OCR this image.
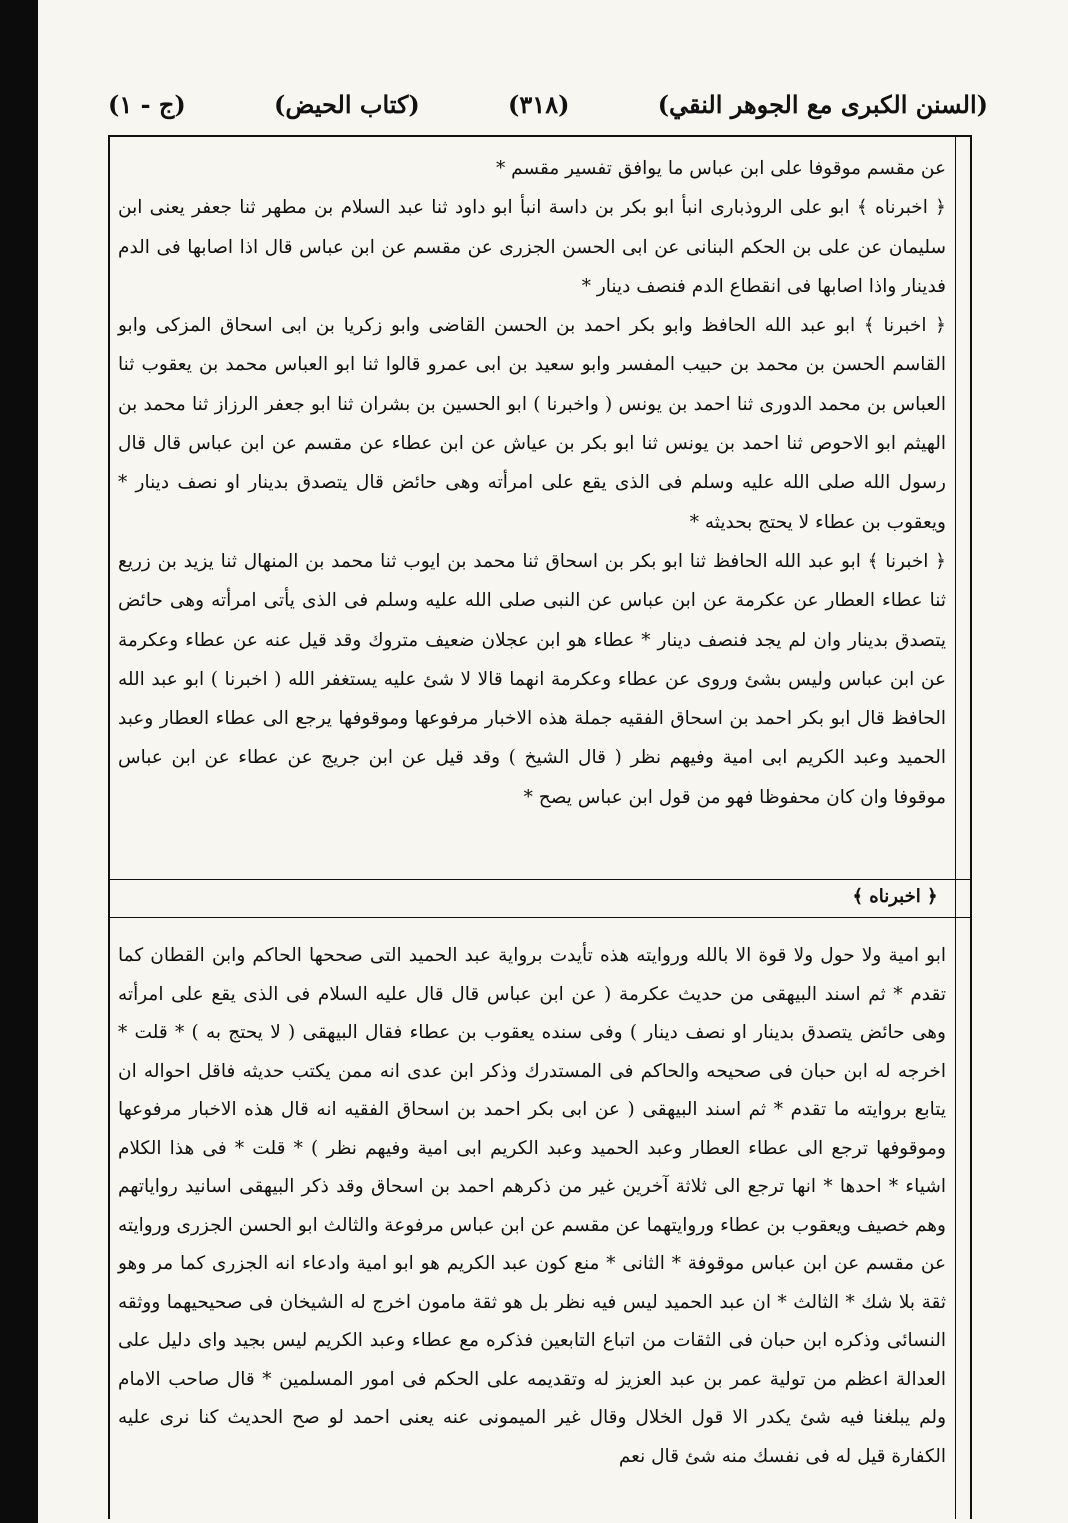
(السنن الكبرى مع الجوهر النقي)
(٣١٨)
(كتاب الحيض)
(ج - ١)

عن مقسم موقوفا على ابن عباس ما يوافق تفسير مقسم *

﴿ اخبرناه ﴾ ابو على الروذبارى انبأ ابو بكر بن داسة انبأ ابو داود ثنا عبد السلام بن مطهر ثنا جعفر يعنى ابن سليمان عن على بن الحكم البنانى عن ابى الحسن الجزرى عن مقسم عن ابن عباس قال اذا اصابها فى الدم فدينار واذا اصابها فى انقطاع الدم فنصف دينار *

﴿ اخبرنا ﴾ ابو عبد الله الحافظ وابو بكر احمد بن الحسن القاضى وابو زكريا بن ابى اسحاق المزكى وابو القاسم الحسن بن محمد بن حبيب المفسر وابو سعيد بن ابى عمرو قالوا ثنا ابو العباس محمد بن يعقوب ثنا العباس بن محمد الدورى ثنا احمد بن يونس ( واخبرنا ) ابو الحسين بن بشران ثنا ابو جعفر الرزاز ثنا محمد بن الهيثم ابو الاحوص ثنا احمد بن يونس ثنا ابو بكر بن عياش عن ابن عطاء عن مقسم عن ابن عباس قال قال رسول الله صلى الله عليه وسلم فى الذى يقع على امرأته وهى حائض قال يتصدق بدينار او نصف دينار * ويعقوب بن عطاء لا يحتج بحديثه *

﴿ اخبرنا ﴾ ابو عبد الله الحافظ ثنا ابو بكر بن اسحاق ثنا محمد بن ايوب ثنا محمد بن المنهال ثنا يزيد بن زريع ثنا عطاء العطار عن عكرمة عن ابن عباس عن النبى صلى الله عليه وسلم فى الذى يأتى امرأته وهى حائض يتصدق بدينار وان لم يجد فنصف دينار * عطاء هو ابن عجلان ضعيف متروك وقد قيل عنه عن عطاء وعكرمة عن ابن عباس وليس بشئ وروى عن عطاء وعكرمة انهما قالا لا شئ عليه يستغفر الله ( اخبرنا ) ابو عبد الله الحافظ قال ابو بكر احمد بن اسحاق الفقيه جملة هذه الاخبار مرفوعها وموقوفها يرجع الى عطاء العطار وعبد الحميد وعبد الكريم ابى امية وفيهم نظر ( قال الشيخ ) وقد قيل عن ابن جريج عن عطاء عن ابن عباس موقوفا وان كان محفوظا فهو من قول ابن عباس يصح *

﴿ اخبرناه ﴾

ابو امية ولا حول ولا قوة الا بالله وروايته هذه تأيدت برواية عبد الحميد التى صححها الحاكم وابن القطان كما تقدم * ثم اسند البيهقى من حديث عكرمة ( عن ابن عباس قال قال عليه السلام فى الذى يقع على امرأته وهى حائض يتصدق بدينار او نصف دينار ) وفى سنده يعقوب بن عطاء فقال البيهقى ( لا يحتج به ) * قلت * اخرجه له ابن حبان فى صحيحه والحاكم فى المستدرك وذكر ابن عدى انه ممن يكتب حديثه فاقل احواله ان يتابع بروايته ما تقدم * ثم اسند البيهقى ( عن ابى بكر احمد بن اسحاق الفقيه انه قال هذه الاخبار مرفوعها وموقوفها ترجع الى عطاء العطار وعبد الحميد وعبد الكريم ابى امية وفيهم نظر ) * قلت * فى هذا الكلام اشياء * احدها * انها ترجع الى ثلاثة آخرين غير من ذكرهم احمد بن اسحاق وقد ذكر البيهقى اسانيد رواياتهم وهم خصيف ويعقوب بن عطاء وروايتهما عن مقسم عن ابن عباس مرفوعة والثالث ابو الحسن الجزرى وروايته عن مقسم عن ابن عباس موقوفة * الثانى * منع كون عبد الكريم هو ابو امية وادعاء انه الجزرى كما مر وهو ثقة بلا شك * الثالث * ان عبد الحميد ليس فيه نظر بل هو ثقة مامون اخرج له الشيخان فى صحيحيهما ووثقه النسائى وذكره ابن حبان فى الثقات من اتباع التابعين فذكره مع عطاء وعبد الكريم ليس بجيد واى دليل على العدالة اعظم من تولية عمر بن عبد العزيز له وتقديمه على الحكم فى امور المسلمين * قال صاحب الامام ولم يبلغنا فيه شئ يكدر الا قول الخلال وقال غير الميمونى عنه يعنى احمد لو صح الحديث كنا نرى عليه الكفارة قيل له فى نفسك منه شئ قال نعم
